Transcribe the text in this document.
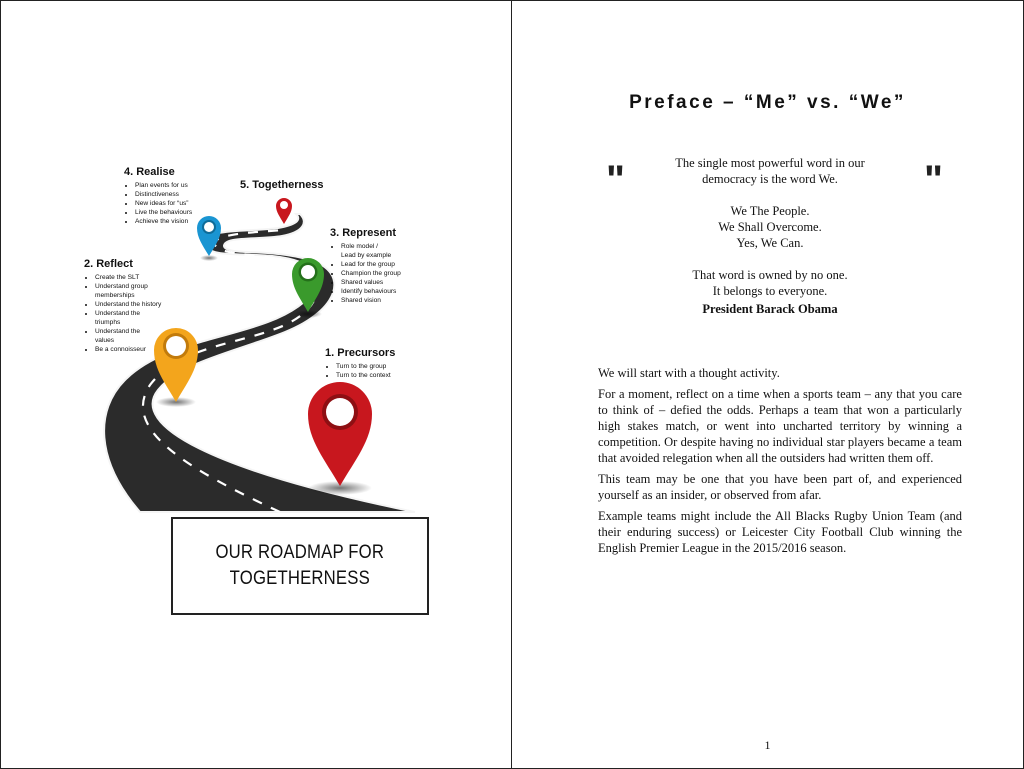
4. Realise
• Plan events for us
• Distinctiveness
• New ideas for “us”
• Live the behaviours
• Achieve the vision
5. Togetherness
3. Represent
• Role model /
Lead by example
• Lead for the group
• Champion the group
• Shared values
• Identify behaviours
• Shared vision
2. Reflect
• Create the SLT
• Understand group
memberships
• Understand the history
• Understand the
triumphs
• Understand the
values
• Be a connoisseur	1. Precursors
• Turn to the group
• Turn to the context
OUR ROADMAP FOR
TOGETHERNESS
Preface – “Me” vs. “We”
"	"

The single most powerful word in our

democracy is the word We.

We The People.

We Shall Overcome.

Yes, We Can.

That word is owned by no one.

It belongs to everyone.

President Barack Obama

We will start with a thought activity.

For a moment, reflect on a time when a sports team – any that you care to think of – defied the odds. Perhaps a team that won a particularly high stakes match, or went into uncharted territory by winning a competition. Or despite having no individual star players became a team that avoided relegation when all the outsiders had written them off.

This team may be one that you have been part of, and experienced yourself as an insider, or observed from afar.

Example teams might include the All Blacks Rugby Union Team (and their enduring success) or Leicester City Football Club winning the English Premier League in the 2015/2016 season.

1
